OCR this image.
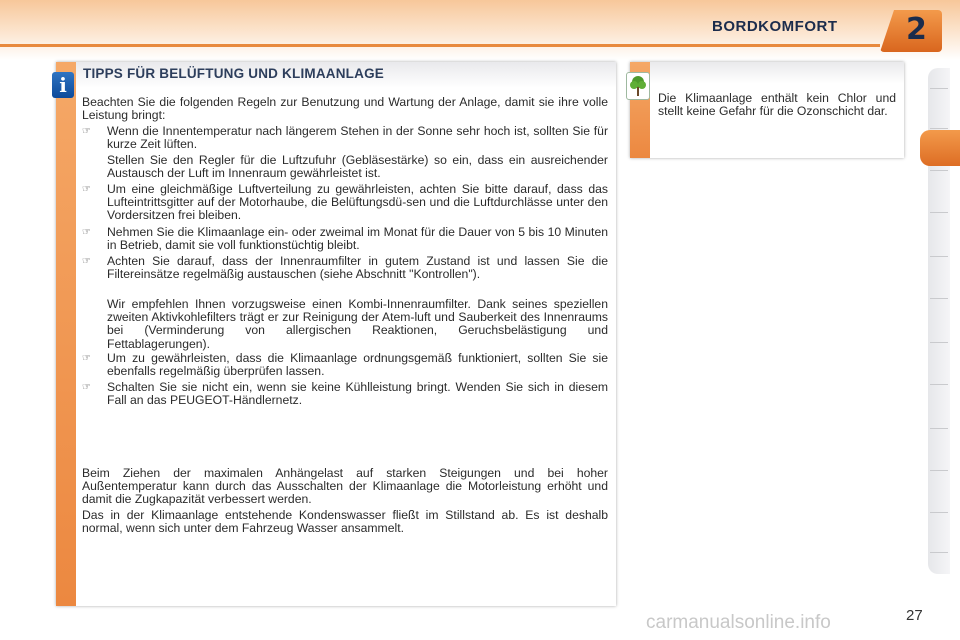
BORDKOMFORT 2
i	TIPPS FÜR BELÜFTUNG UND KLIMAANLAGE
Beachten Sie die folgenden Regeln zur Benutzung und Wartung der Anlage, damit sie ihre volle Leistung bringt:
☞	Wenn die Innentemperatur nach längerem Stehen in der Sonne sehr hoch ist, sollten Sie für kurze Zeit lüften.
Stellen Sie den Regler für die Luftzufuhr (Gebläsestärke) so ein, dass ein ausreichender Austausch der Luft im Innenraum gewährleistet ist.
☞	Um eine gleichmäßige Luftverteilung zu gewährleisten, achten Sie bitte darauf, dass das Lufteintrittsgitter auf der Motorhaube, die Belüftungsdü-sen und die Luftdurchlässe unter den Vordersitzen frei bleiben.
☞	Nehmen Sie die Klimaanlage ein- oder zweimal im Monat für die Dauer von 5 bis 10 Minuten in Betrieb, damit sie voll funktionstüchtig bleibt.
☞	Achten Sie darauf, dass der Innenraumfilter in gutem Zustand ist und lassen Sie die Filtereinsätze regelmäßig austauschen (siehe Abschnitt "Kontrollen").
Wir empfehlen Ihnen vorzugsweise einen Kombi-Innenraumfilter. Dank seines speziellen zweiten Aktivkohlefilters trägt er zur Reinigung der Atem-luft und Sauberkeit des Innenraums bei (Verminderung von allergischen Reaktionen, Geruchsbelästigung und Fettablagerungen).
☞	Um zu gewährleisten, dass die Klimaanlage ordnungsgemäß funktioniert, sollten Sie sie ebenfalls regelmäßig überprüfen lassen.
☞	Schalten Sie sie nicht ein, wenn sie keine Kühlleistung bringt. Wenden Sie sich in diesem Fall an das PEUGEOT-Händlernetz.
Beim Ziehen der maximalen Anhängelast auf starken Steigungen und bei hoher Außentemperatur kann durch das Ausschalten der Klimaanlage die Motorleistung erhöht und damit die Zugkapazität verbessert werden.
Das in der Klimaanlage entstehende Kondenswasser fließt im Stillstand ab. Es ist deshalb normal, wenn sich unter dem Fahrzeug Wasser ansammelt.
Die Klimaanlage enthält kein Chlor und stellt keine Gefahr für die Ozonschicht dar.
carmanualsonline.info	27
